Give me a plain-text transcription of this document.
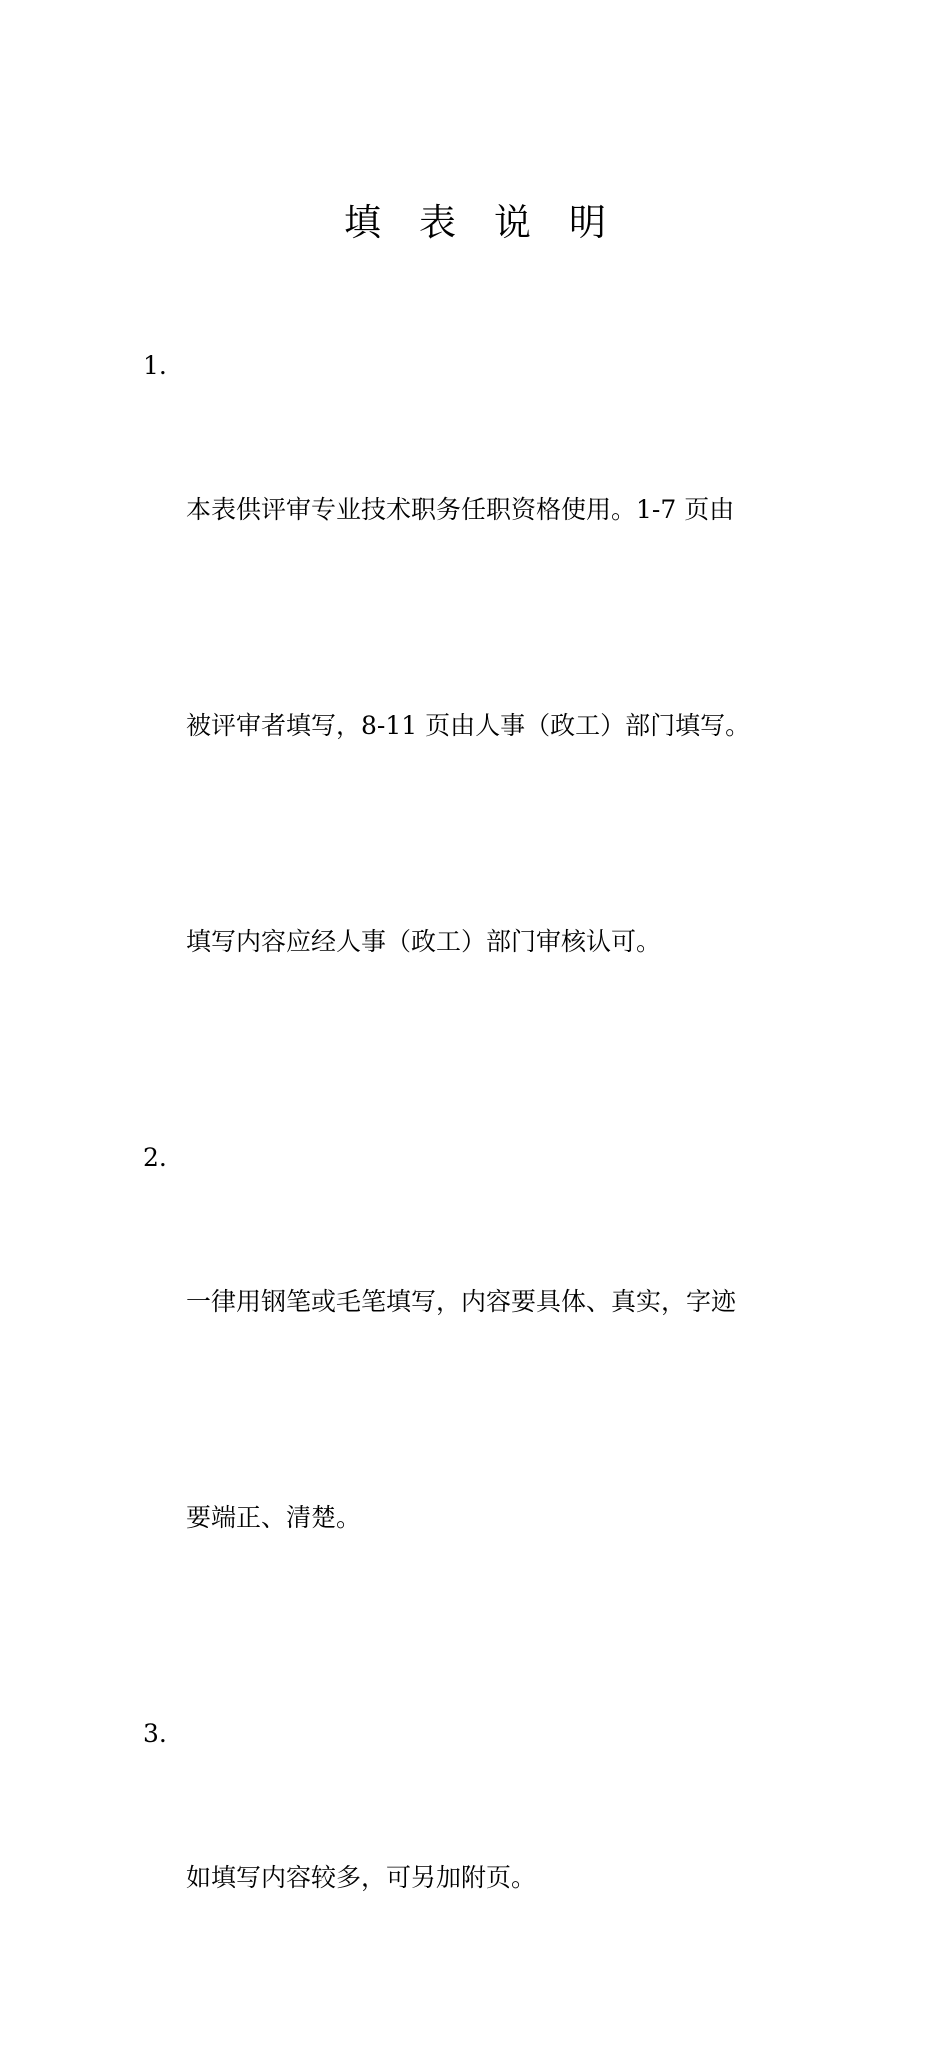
填 表 说 明
1.

本表供评审专业技术职务任职资格使用。1-7 页由

被评审者填写，8-11 页由人事（政工）部门填写。

填写内容应经人事（政工）部门审核认可。

2.

一律用钢笔或毛笔填写，内容要具体、真实，字迹

要端正、清楚。

3.

如填写内容较多，可另加附页。
